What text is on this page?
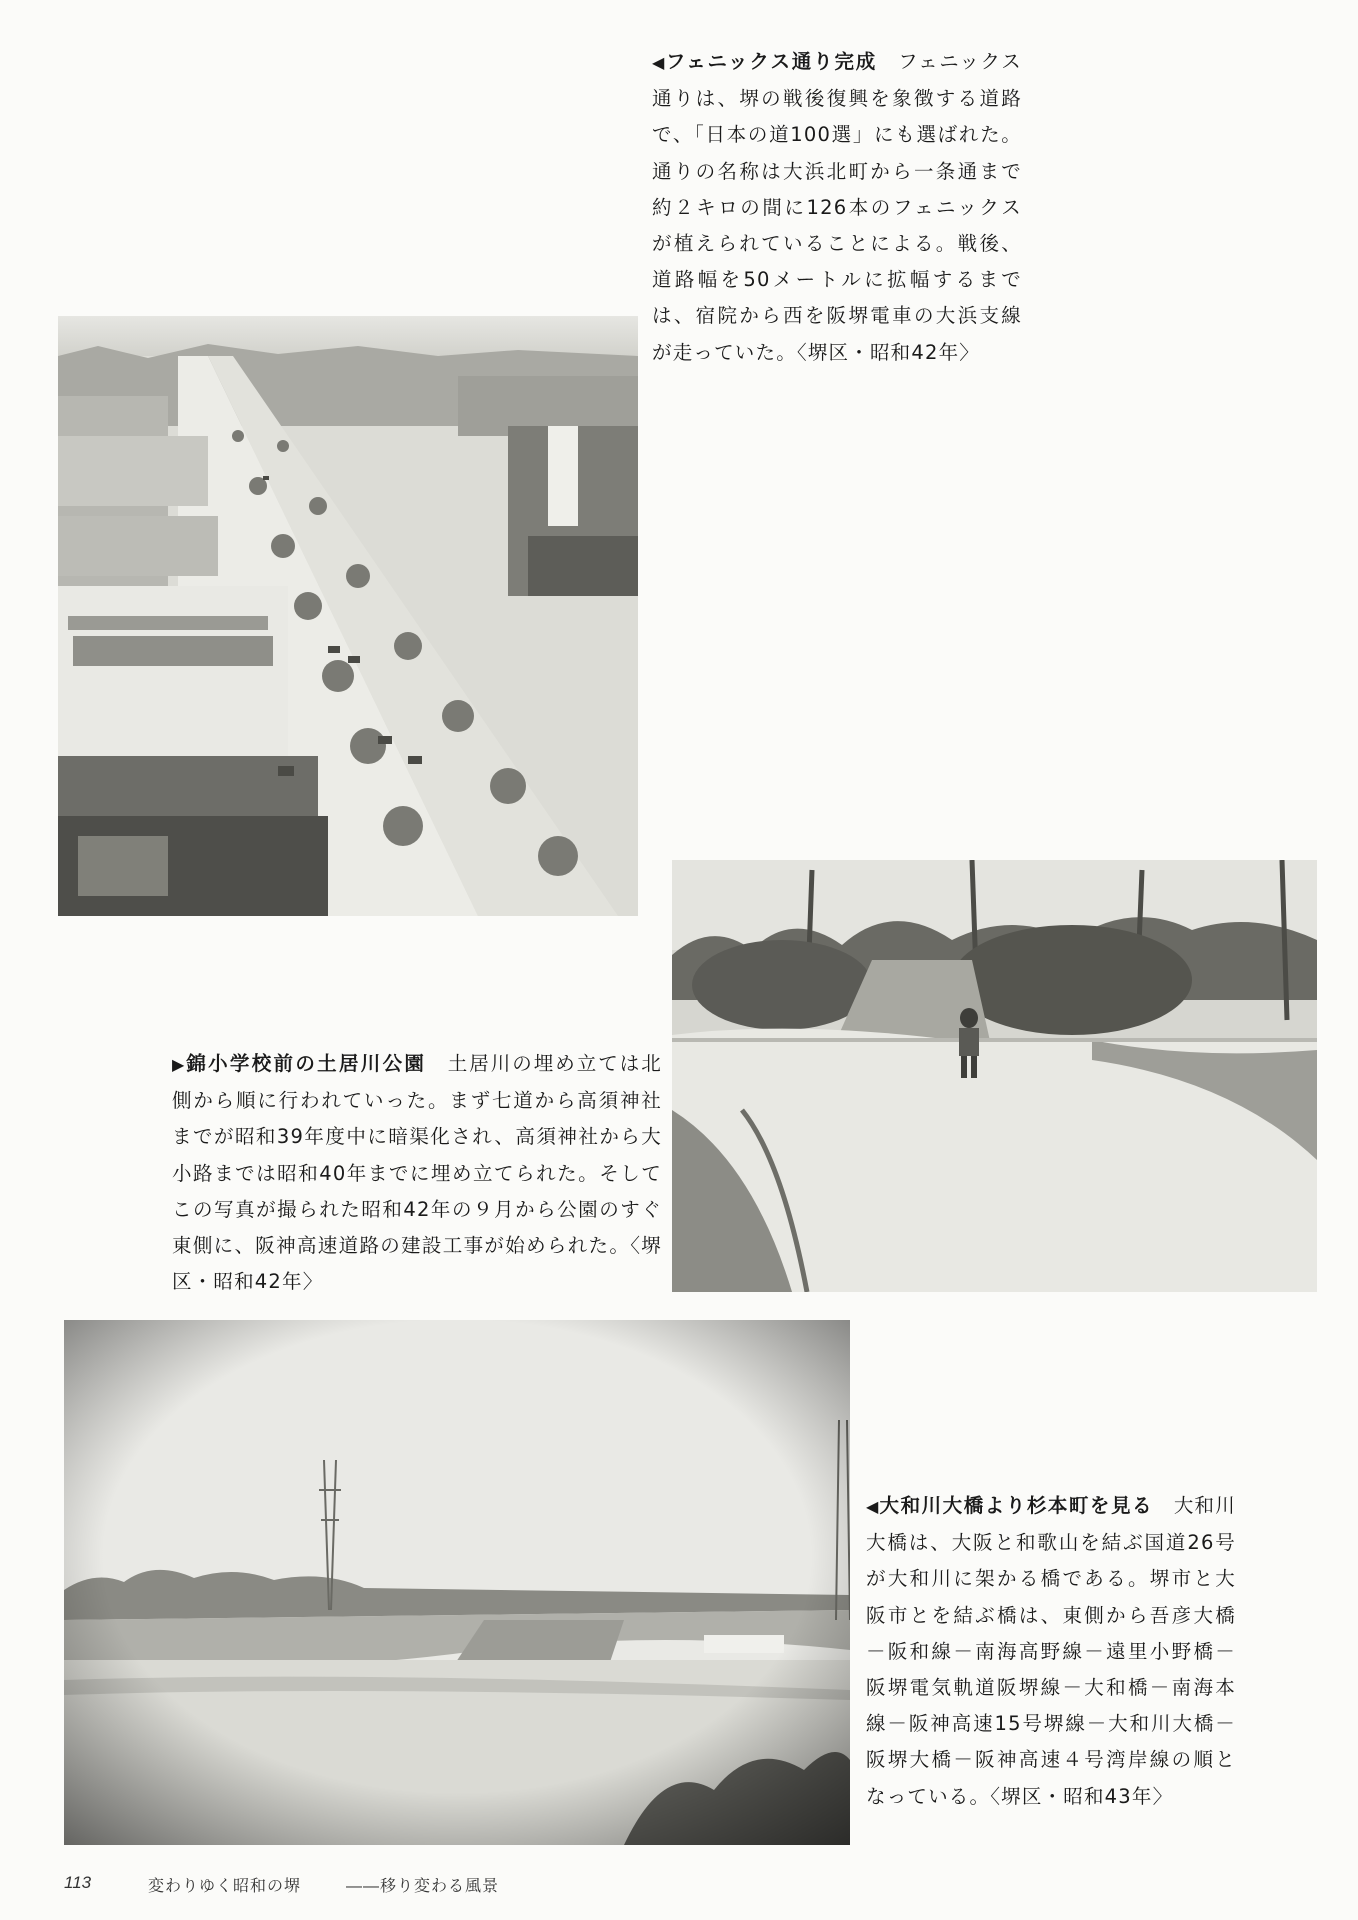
◀フェニックス通り完成　 フェニックス通りは、堺の戦後復興を象徴する道路で、「日本の道100選」にも選ばれた。通りの名称は大浜北町から一条通まで約２キロの間に126本のフェニックスが植えられていることによる。戦後、道路幅を50メートルに拡幅するまでは、宿院から西を阪堺電車の大浜支線が走っていた。〈堺区・昭和42年〉
▶錦小学校前の土居川公園　 土居川の埋め立ては北側から順に行われていった。まず七道から高須神社までが昭和39年度中に暗渠化され、高須神社から大小路までは昭和40年までに埋め立てられた。そしてこの写真が撮られた昭和42年の９月から公園のすぐ東側に、阪神高速道路の建設工事が始められた。〈堺区・昭和42年〉
◀大和川大橋より杉本町を見る　 大和川大橋は、大阪と和歌山を結ぶ国道26号が大和川に架かる橋である。堺市と大阪市とを結ぶ橋は、東側から吾彦大橋－阪和線－南海高野線－遠里小野橋－阪堺電気軌道阪堺線－大和橋－南海本線－阪神高速15号堺線－大和川大橋－阪堺大橋－阪神高速４号湾岸線の順となっている。〈堺区・昭和43年〉
113	変わりゆく昭和の堺	――移り変わる風景
